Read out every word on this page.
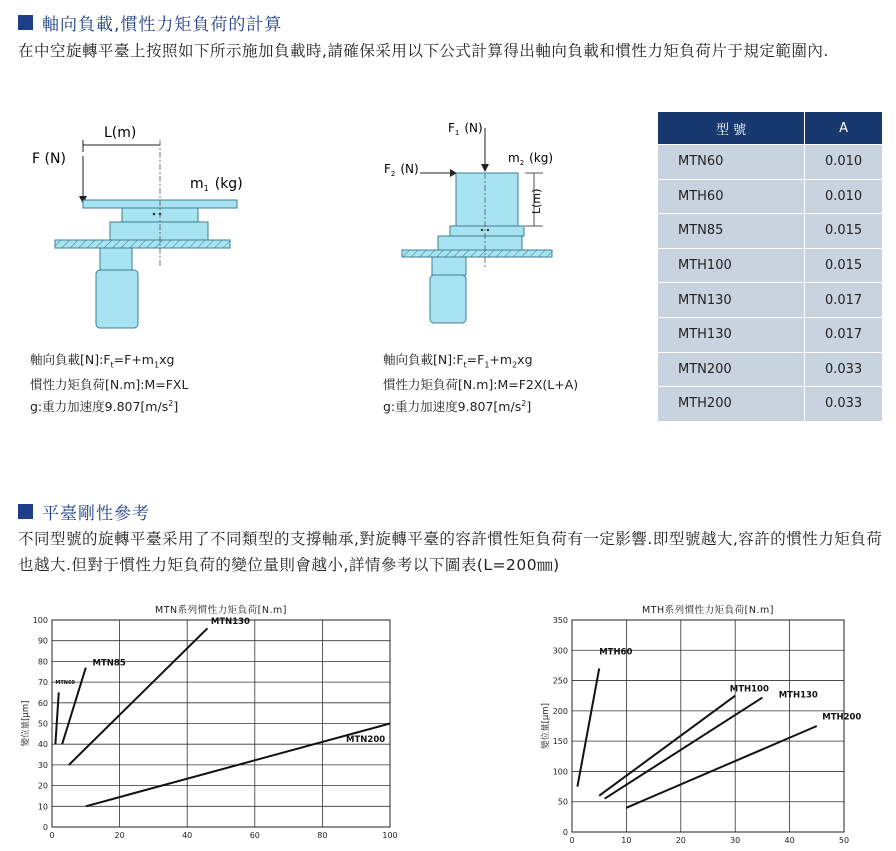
軸向負載,慣性力矩負荷的計算
在中空旋轉平臺上按照如下所示施加負載時,請確保采用以下公式計算得出軸向負載和慣性力矩負荷片于規定範圍內.
F (N)
L(m)
$m_1$ (kg)
軸向負載$[N]:F_t=F+m_1xg$
慣性力矩負荷[N.m]:M=FXL
g:重力加速度$9.807[m/s^2]$
$F_1$ (N)
$F_2$ (N)
$m_2$ (kg)
L(m)
軸向負載$[N]:F_t=F_1+m_2xg$
慣性力矩負荷[N.m]:M=F2X(L+A)
g:重力加速度$9.807[m/s^2]$
型 號	A
MTN60	0.010
MTH60	0.010
MTN85	0.015
MTH100	0.015
MTN130	0.017
MTH130	0.017
MTN200	0.033
MTH200	0.033
平臺剛性參考
不同型號的旋轉平臺采用了不同類型的支撐軸承,對旋轉平臺的容許慣性矩負荷有一定影響.即型號越大,容許的慣性力矩負荷也越大.但對于慣性力矩負荷的變位量則會越小,詳情參考以下圖表(L=200㎜)
MTN系列慣性力矩負荷[N.m]
0	20	40	60	80	100
0
10
20
30
40
50
60
70
80
90
100
變位量[μm]
MTN60
MTN85
MTN130
MTN200
MTH系列慣性力矩負荷[N.m]
0	10	20	30	40	50
0
50
100
150
200
250
300
350
變位量[μm]
MTH60
MTH100
MTH130
MTH200
